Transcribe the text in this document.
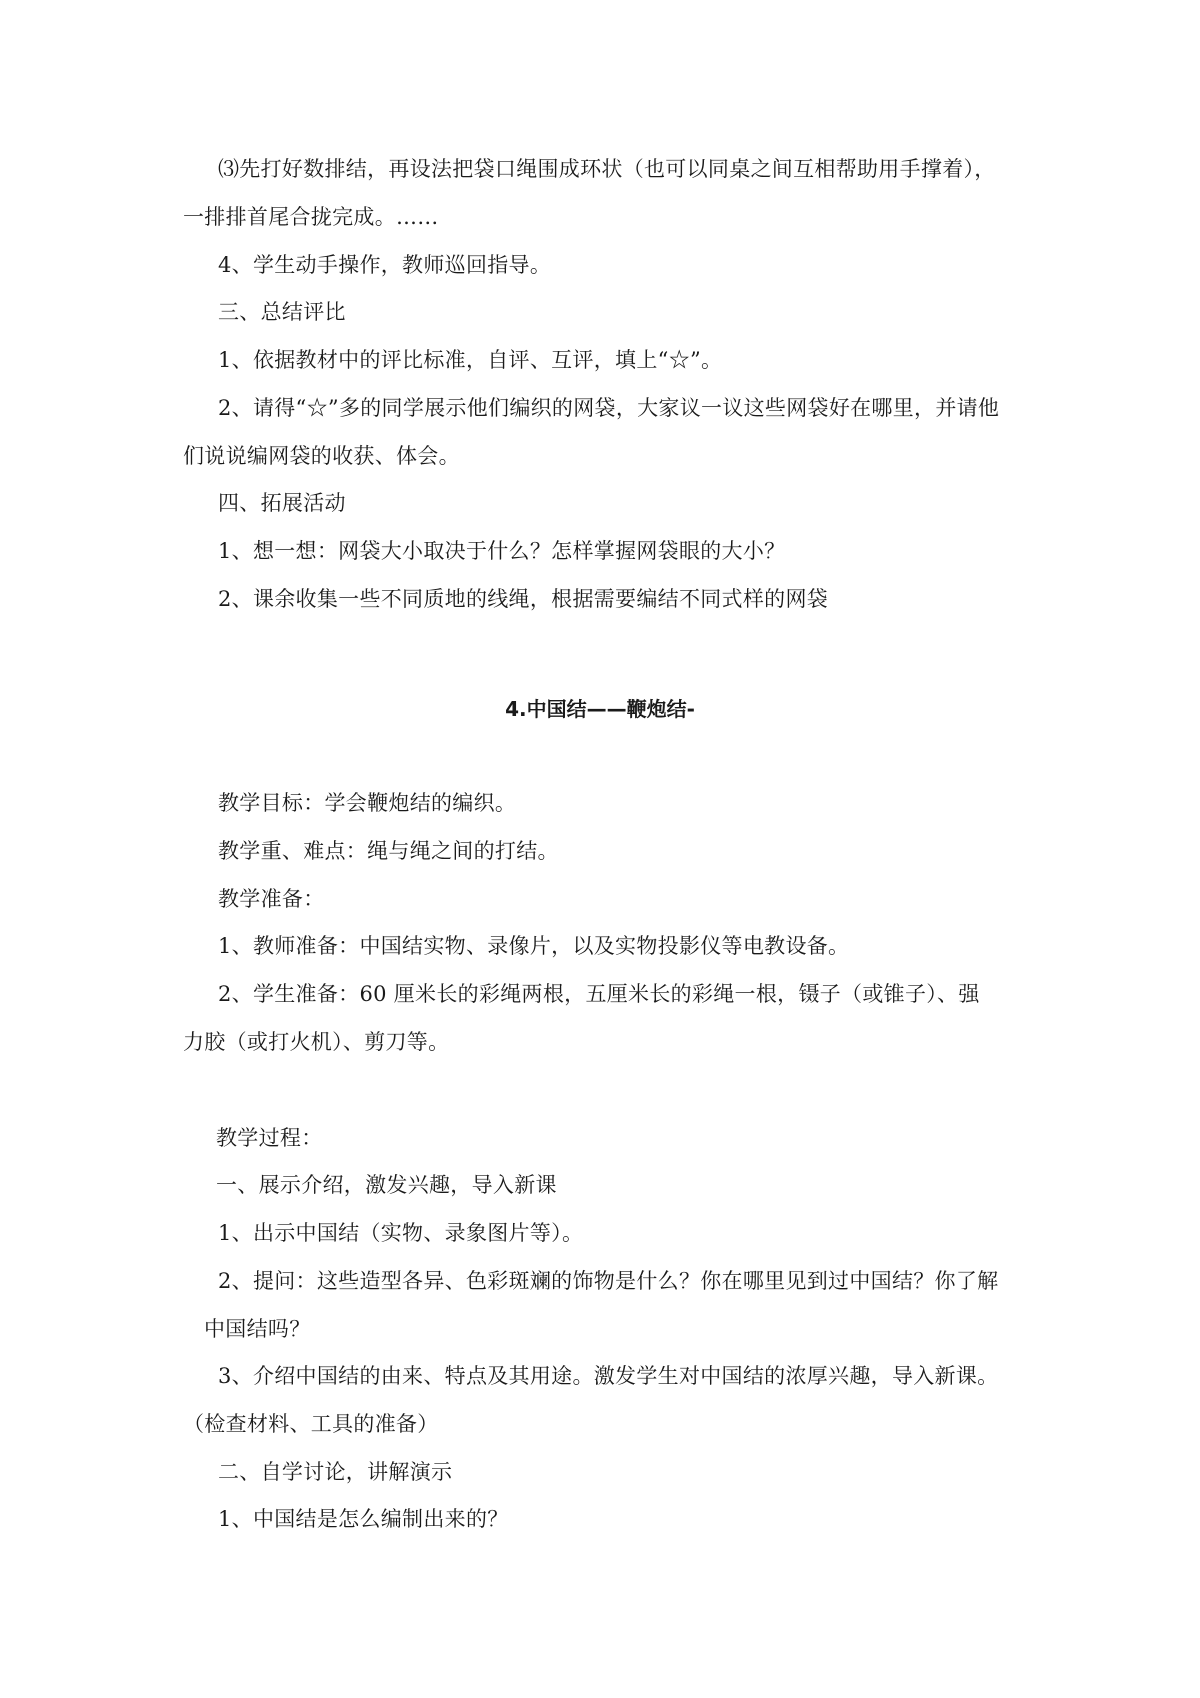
⑶先打好数排结，再设法把袋口绳围成环状（也可以同桌之间互相帮助用手撑着），
一排排首尾合拢完成。……
4、学生动手操作，教师巡回指导。
三、总结评比
1、依据教材中的评比标准，自评、互评，填上“☆”。
2、请得“☆”多的同学展示他们编织的网袋，大家议一议这些网袋好在哪里，并请他
们说说编网袋的收获、体会。
四、拓展活动
1、想一想：网袋大小取决于什么？怎样掌握网袋眼的大小？
2、课余收集一些不同质地的线绳，根据需要编结不同式样的网袋
4.中国结——鞭炮结-
教学目标：学会鞭炮结的编织。
教学重、难点：绳与绳之间的打结。
教学准备：
1、教师准备：中国结实物、录像片，以及实物投影仪等电教设备。
2、学生准备：60 厘米长的彩绳两根，五厘米长的彩绳一根，镊子（或锥子）、强
力胶（或打火机）、剪刀等。
教学过程：
一、展示介绍，激发兴趣，导入新课
1、出示中国结（实物、录象图片等）。
2、提问：这些造型各异、色彩斑斓的饰物是什么？你在哪里见到过中国结？你了解
中国结吗？
3、介绍中国结的由来、特点及其用途。激发学生对中国结的浓厚兴趣，导入新课。
（检查材料、工具的准备）
二、自学讨论，讲解演示
1、中国结是怎么编制出来的？
